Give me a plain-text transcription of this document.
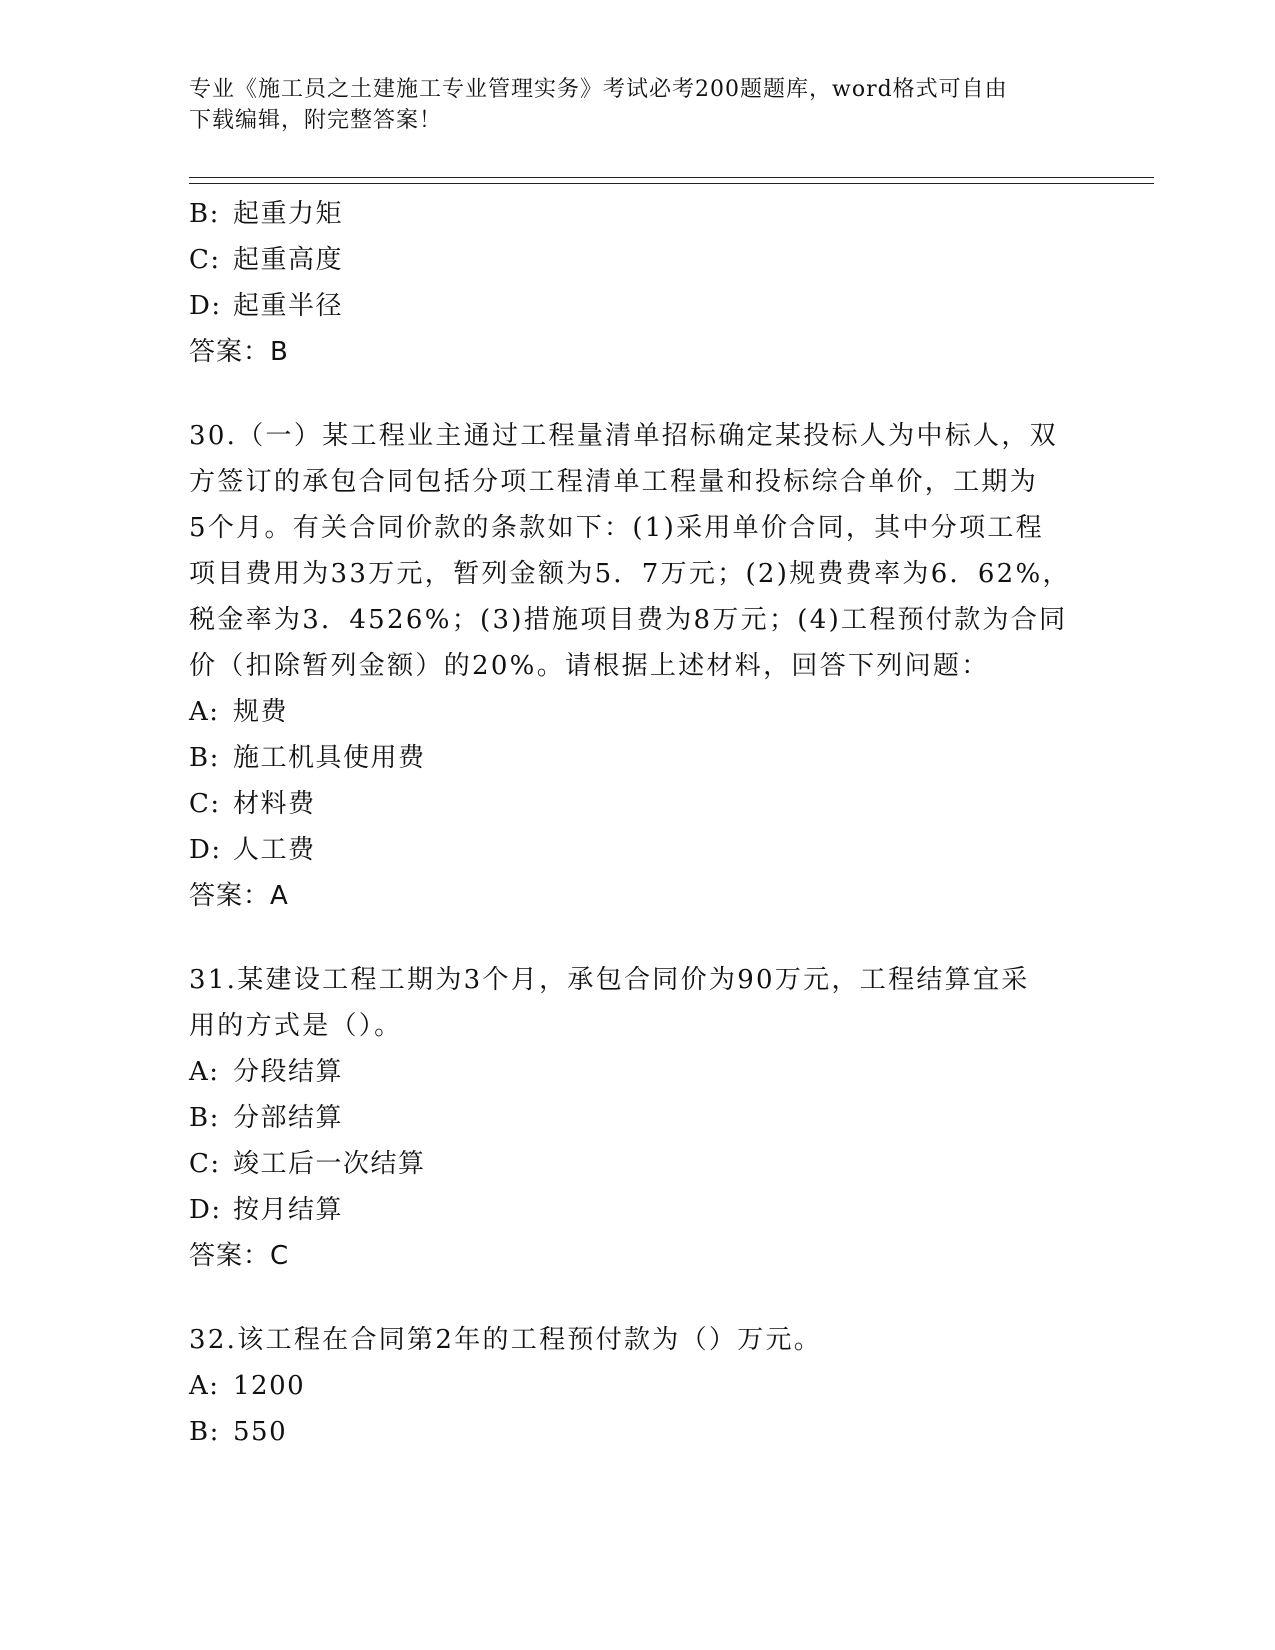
专业《施工员之土建施工专业管理实务》考试必考200题题库，word格式可自由
下载编辑，附完整答案！
B: 起重力矩
C: 起重高度
D: 起重半径
答案：B
30.（一）某工程业主通过工程量清单招标确定某投标人为中标人，双
方签订的承包合同包括分项工程清单工程量和投标综合单价，工期为
5个月。有关合同价款的条款如下：(1)采用单价合同，其中分项工程
项目费用为33万元，暂列金额为5．7万元；(2)规费费率为6．62%，
税金率为3．4526%；(3)措施项目费为8万元；(4)工程预付款为合同
价（扣除暂列金额）的20%。请根据上述材料，回答下列问题：
A: 规费
B: 施工机具使用费
C: 材料费
D: 人工费
答案：A
31.某建设工程工期为3个月，承包合同价为90万元，工程结算宜采
用的方式是（）。
A: 分段结算
B: 分部结算
C: 竣工后一次结算
D: 按月结算
答案：C
32.该工程在合同第2年的工程预付款为（）万元。
A: 1200
B: 550
